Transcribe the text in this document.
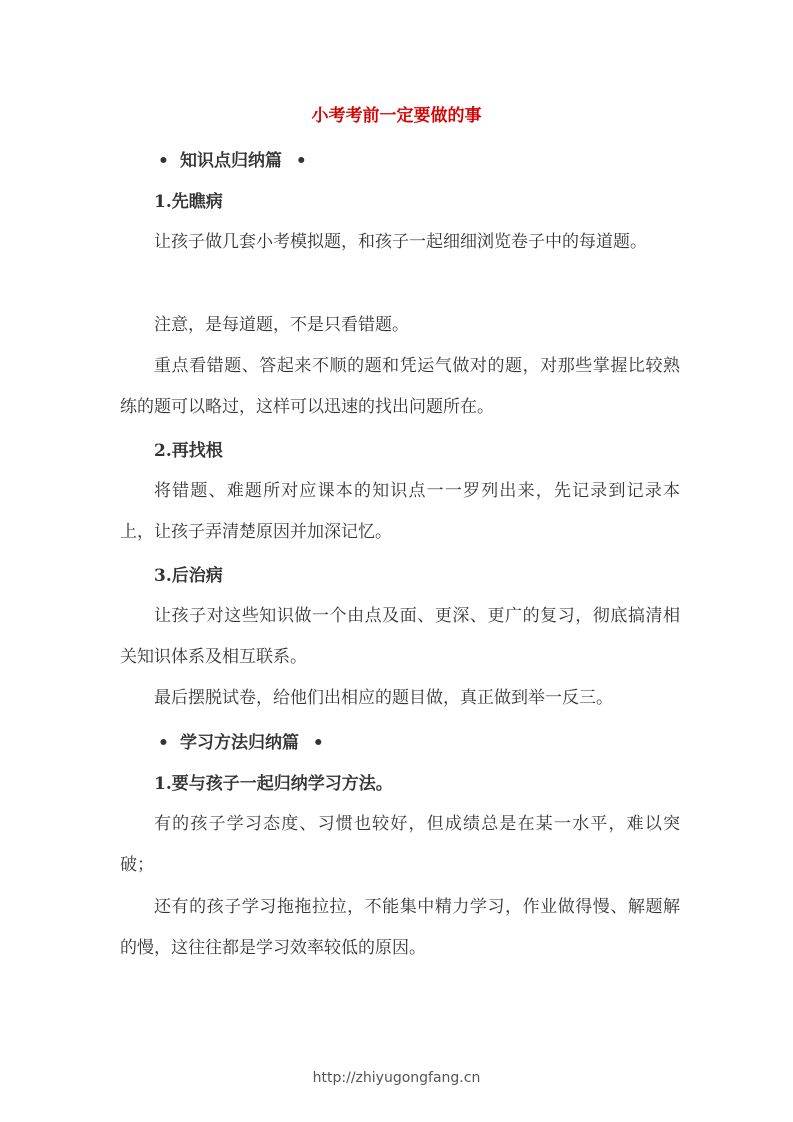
小考考前一定要做的事
• 知识点归纳篇 •
1.先瞧病

让孩子做几套小考模拟题，和孩子一起细细浏览卷子中的每道题。

注意，是每道题，不是只看错题。

重点看错题、答起来不顺的题和凭运气做对的题，对那些掌握比较熟练的题可以略过，这样可以迅速的找出问题所在。

2.再找根

将错题、难题所对应课本的知识点一一罗列出来，先记录到记录本上，让孩子弄清楚原因并加深记忆。

3.后治病

让孩子对这些知识做一个由点及面、更深、更广的复习，彻底搞清相关知识体系及相互联系。

最后摆脱试卷，给他们出相应的题目做，真正做到举一反三。

• 学习方法归纳篇 •
1.要与孩子一起归纳学习方法。

有的孩子学习态度、习惯也较好，但成绩总是在某一水平，难以突破；

还有的孩子学习拖拖拉拉，不能集中精力学习，作业做得慢、解题解的慢，这往往都是学习效率较低的原因。

http://zhiyugongfang.cn
